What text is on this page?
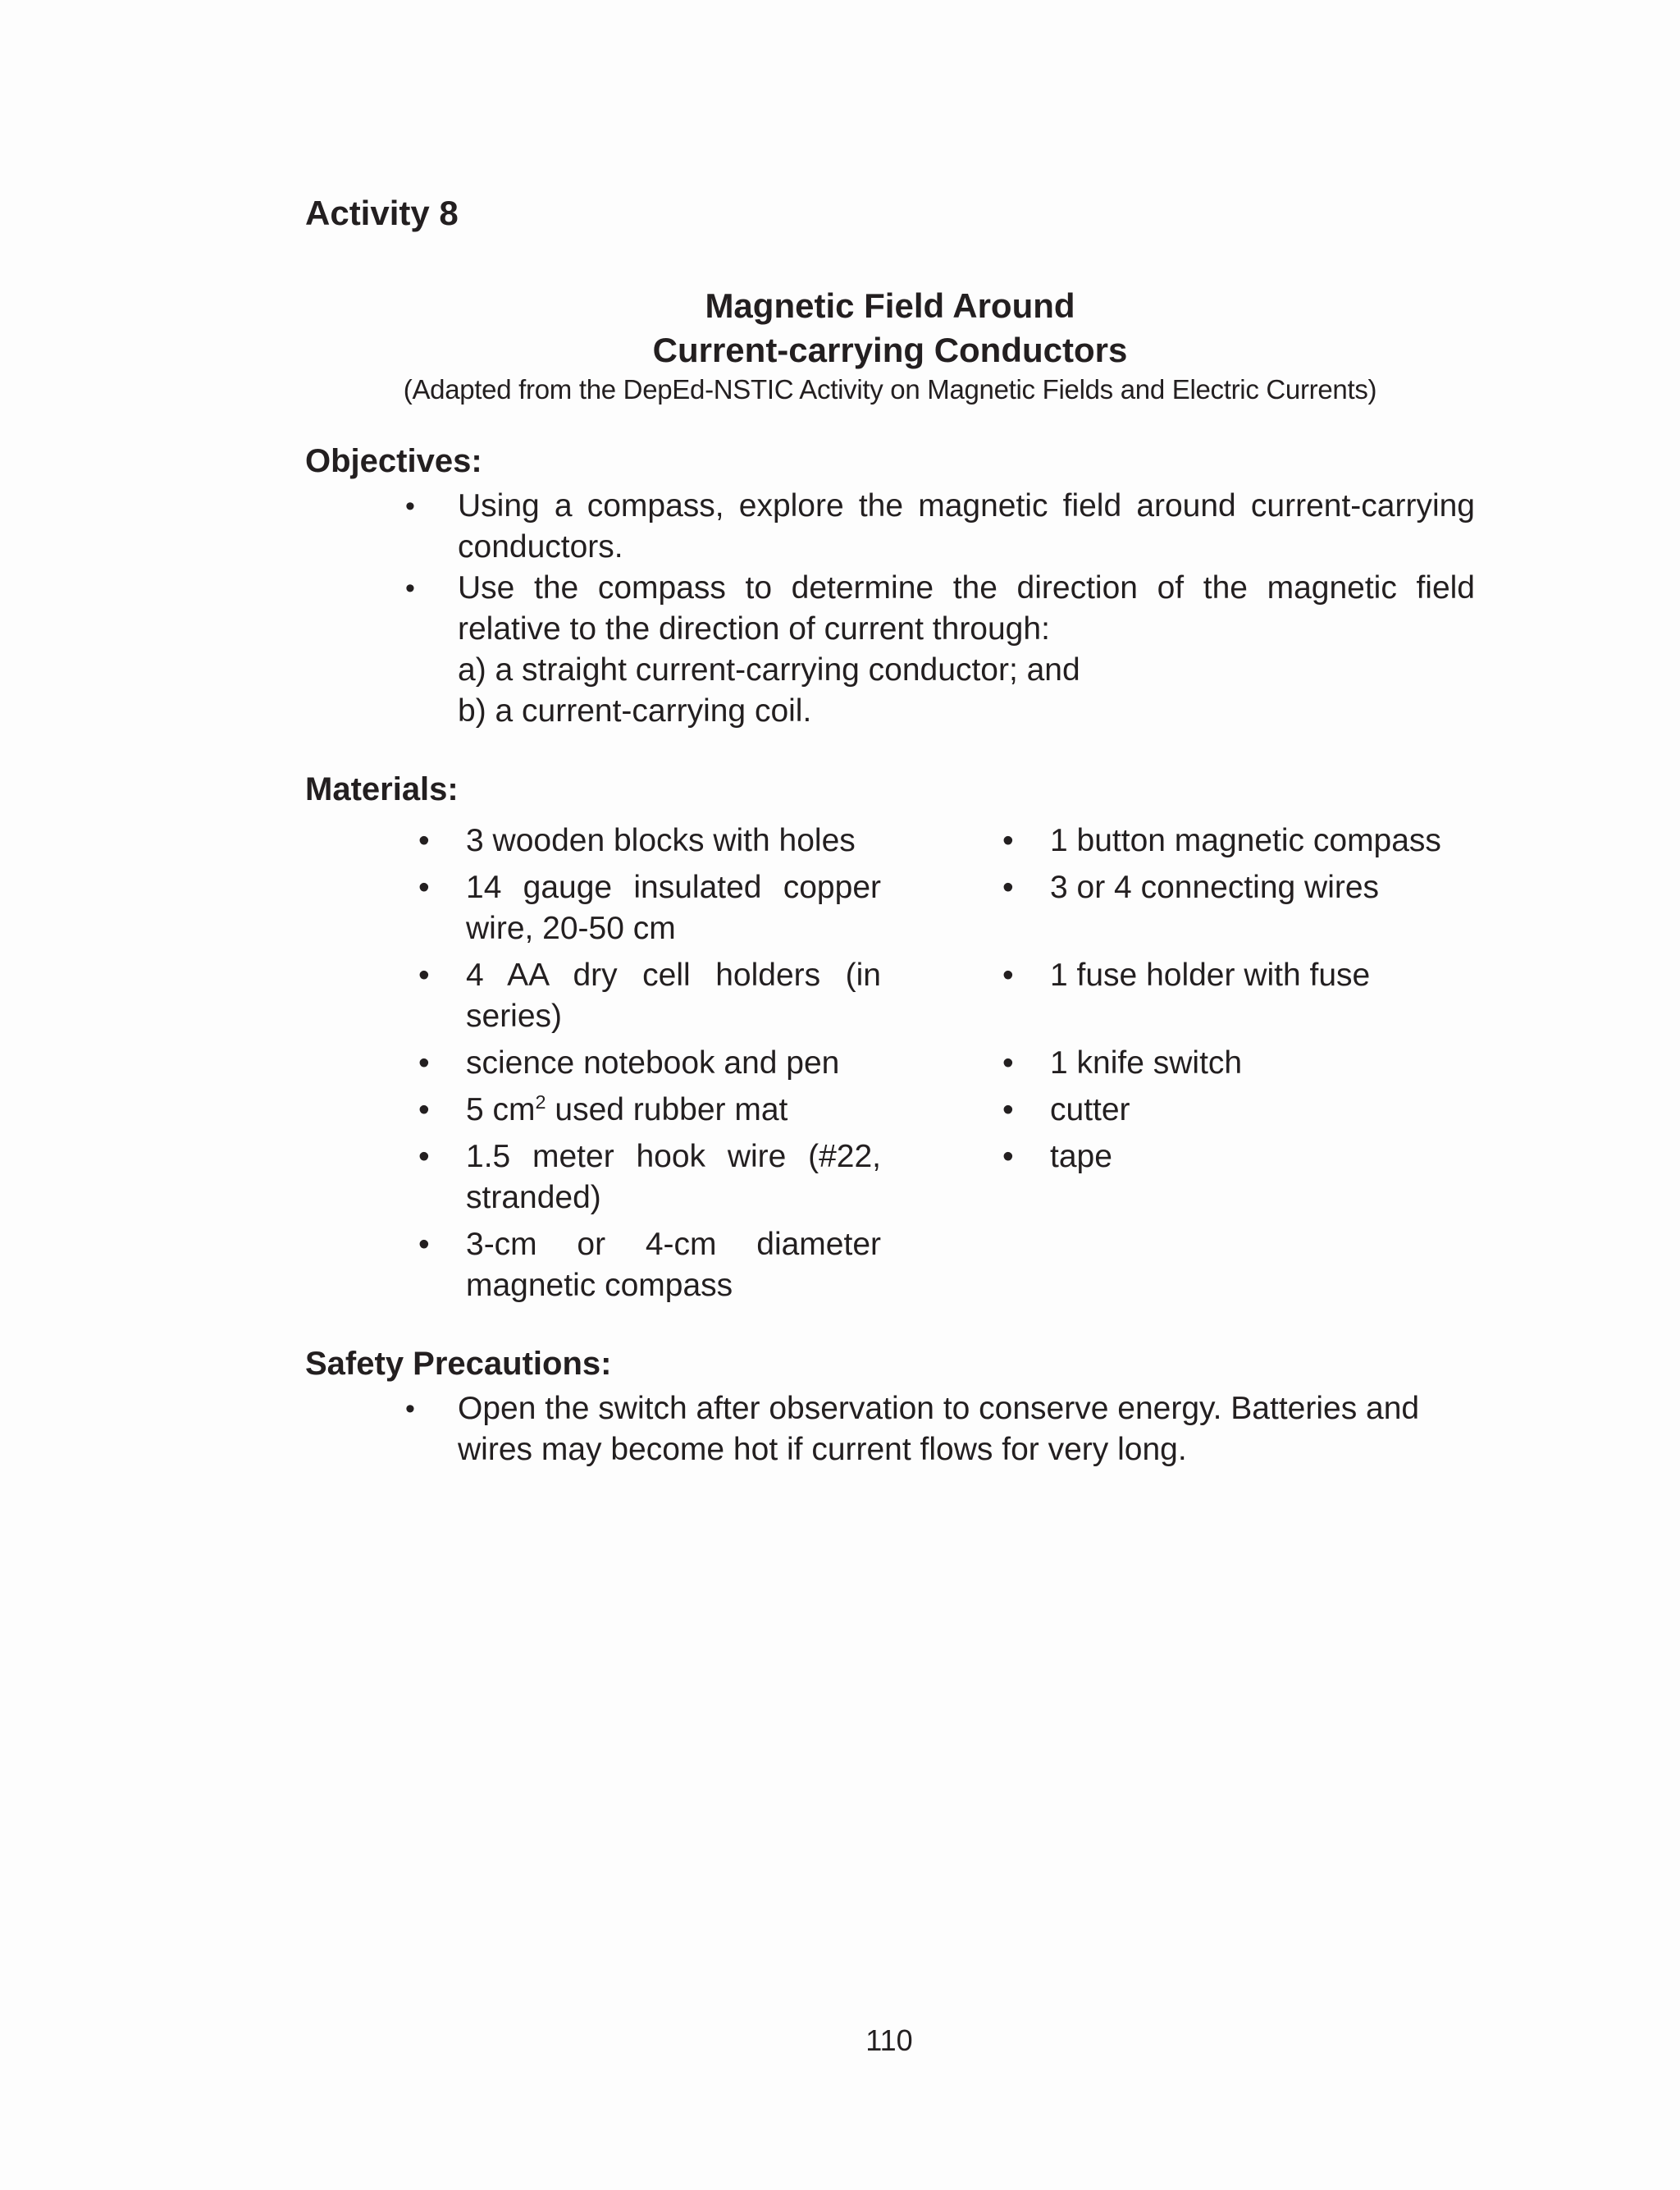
Activity 8

Magnetic Field Around

Current-carrying Conductors

(Adapted from the DepEd-NSTIC Activity on Magnetic Fields and Electric Currents)

Objectives:
• Using a compass, explore the magnetic field around current-carrying conductors.
• Use the compass to determine the direction of the magnetic field relative to the direction of current through:
a) a straight current-carrying conductor; and
b) a current-carrying coil.
Materials:
• 3 wooden blocks with holes
• 14 gauge insulated copper wire, 20-50 cm
• 4 AA dry cell holders (in series)
• science notebook and pen
• 5 $cm^2$ used rubber mat
• 1.5 meter hook wire (#22, stranded)
• 3-cm or 4-cm diameter magnetic compass
• 1 button magnetic compass
• 3 or 4 connecting wires
• 1 fuse holder with fuse
• 1 knife switch
• cutter
• tape
Safety Precautions:
• Open the switch after observation to conserve energy. Batteries and wires may become hot if current flows for very long.

110
